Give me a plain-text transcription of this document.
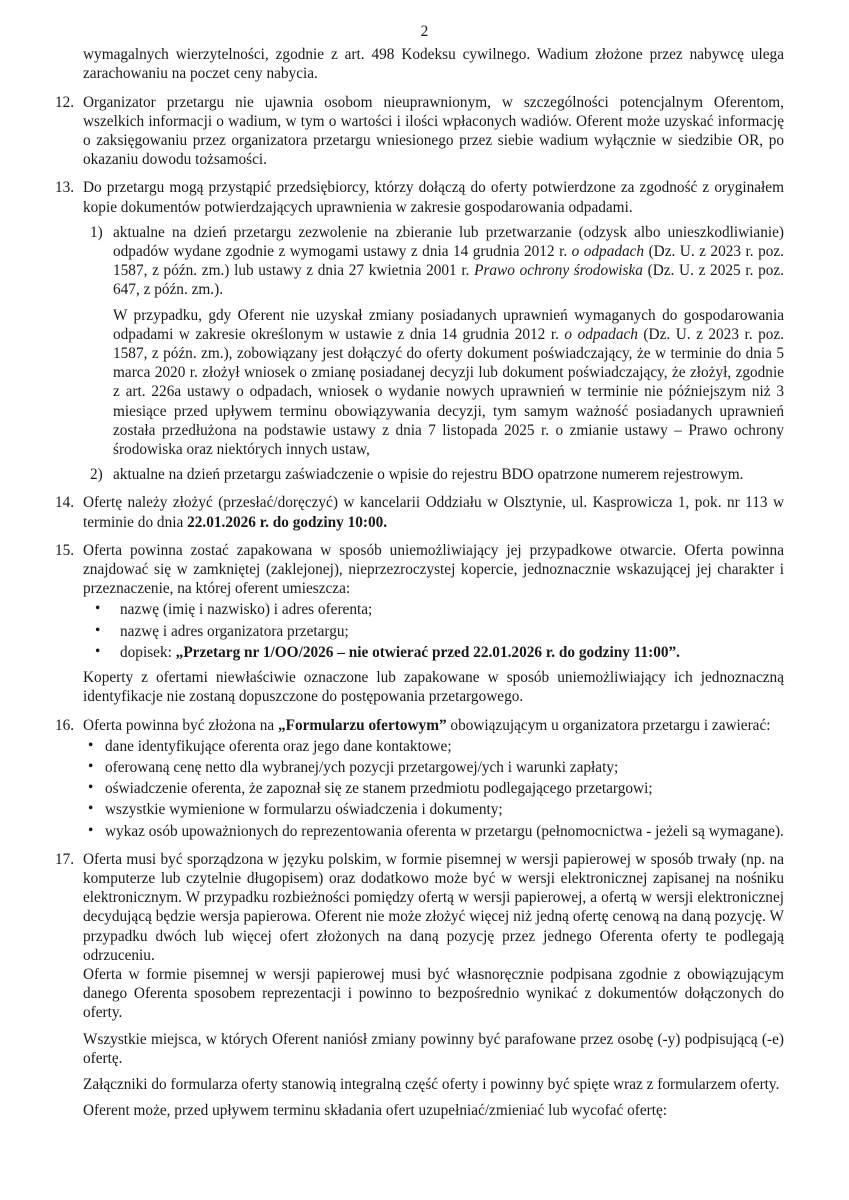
2

wymagalnych wierzytelności, zgodnie z art. 498 Kodeksu cywilnego. Wadium złożone przez nabywcę ulega zarachowaniu na poczet ceny nabycia.

12. Organizator przetargu nie ujawnia osobom nieuprawnionym, w szczególności potencjalnym Oferentom, wszelkich informacji o wadium, w tym o wartości i ilości wpłaconych wadiów. Oferent może uzyskać informację o zaksięgowaniu przez organizatora przetargu wniesionego przez siebie wadium wyłącznie w siedzibie OR, po okazaniu dowodu tożsamości.

13. Do przetargu mogą przystąpić przedsiębiorcy, którzy dołączą do oferty potwierdzone za zgodność z oryginałem kopie dokumentów potwierdzających uprawnienia w zakresie gospodarowania odpadami.

1) aktualne na dzień przetargu zezwolenie na zbieranie lub przetwarzanie (odzysk albo unieszkodliwianie) odpadów wydane zgodnie z wymogami ustawy z dnia 14 grudnia 2012 r. o odpadach (Dz. U. z 2023 r. poz. 1587, z późn. zm.) lub ustawy z dnia 27 kwietnia 2001 r. Prawo ochrony środowiska (Dz. U. z 2025 r. poz. 647, z późn. zm.).

W przypadku, gdy Oferent nie uzyskał zmiany posiadanych uprawnień wymaganych do gospodarowania odpadami w zakresie określonym w ustawie z dnia 14 grudnia 2012 r. o odpadach (Dz. U. z 2023 r. poz. 1587, z późn. zm.), zobowiązany jest dołączyć do oferty dokument poświadczający, że w terminie do dnia 5 marca 2020 r. złożył wniosek o zmianę posiadanej decyzji lub dokument poświadczający, że złożył, zgodnie z art. 226a ustawy o odpadach, wniosek o wydanie nowych uprawnień w terminie nie późniejszym niż 3 miesiące przed upływem terminu obowiązywania decyzji, tym samym ważność posiadanych uprawnień została przedłużona na podstawie ustawy z dnia 7 listopada 2025 r. o zmianie ustawy – Prawo ochrony środowiska oraz niektórych innych ustaw,

2) aktualne na dzień przetargu zaświadczenie o wpisie do rejestru BDO opatrzone numerem rejestrowym.

14. Ofertę należy złożyć (przesłać/doręczyć) w kancelarii Oddziału w Olsztynie, ul. Kasprowicza 1, pok. nr 113 w terminie do dnia 22.01.2026 r. do godziny 10:00.

15. Oferta powinna zostać zapakowana w sposób uniemożliwiający jej przypadkowe otwarcie. Oferta powinna znajdować się w zamkniętej (zaklejonej), nieprzezroczystej kopercie, jednoznacznie wskazującej jej charakter i przeznaczenie, na której oferent umieszcza:

• nazwę (imię i nazwisko) i adres oferenta;

• nazwę i adres organizatora przetargu;

• dopisek: „Przetarg nr 1/OO/2026 – nie otwierać przed 22.01.2026 r. do godziny 11:00”.

Koperty z ofertami niewłaściwie oznaczone lub zapakowane w sposób uniemożliwiający ich jednoznaczną identyfikacje nie zostaną dopuszczone do postępowania przetargowego.

16. Oferta powinna być złożona na „Formularzu ofertowym” obowiązującym u organizatora przetargu i zawierać:

• dane identyfikujące oferenta oraz jego dane kontaktowe;

• oferowaną cenę netto dla wybranej/ych pozycji przetargowej/ych i warunki zapłaty;

• oświadczenie oferenta, że zapoznał się ze stanem przedmiotu podlegającego przetargowi;

• wszystkie wymienione w formularzu oświadczenia i dokumenty;

• wykaz osób upoważnionych do reprezentowania oferenta w przetargu (pełnomocnictwa - jeżeli są wymagane).

17. Oferta musi być sporządzona w języku polskim, w formie pisemnej w wersji papierowej w sposób trwały (np. na komputerze lub czytelnie długopisem) oraz dodatkowo może być w wersji elektronicznej zapisanej na nośniku elektronicznym. W przypadku rozbieżności pomiędzy ofertą w wersji papierowej, a ofertą w wersji elektronicznej decydującą będzie wersja papierowa. Oferent nie może złożyć więcej niż jedną ofertę cenową na daną pozycję. W przypadku dwóch lub więcej ofert złożonych na daną pozycję przez jednego Oferenta oferty te podlegają odrzuceniu.

Oferta w formie pisemnej w wersji papierowej musi być własnoręcznie podpisana zgodnie z obowiązującym danego Oferenta sposobem reprezentacji i powinno to bezpośrednio wynikać z dokumentów dołączonych do oferty.

Wszystkie miejsca, w których Oferent naniósł zmiany powinny być parafowane przez osobę (-y) podpisującą (-e) ofertę.

Załączniki do formularza oferty stanowią integralną część oferty i powinny być spięte wraz z formularzem oferty.

Oferent może, przed upływem terminu składania ofert uzupełniać/zmieniać lub wycofać ofertę:
